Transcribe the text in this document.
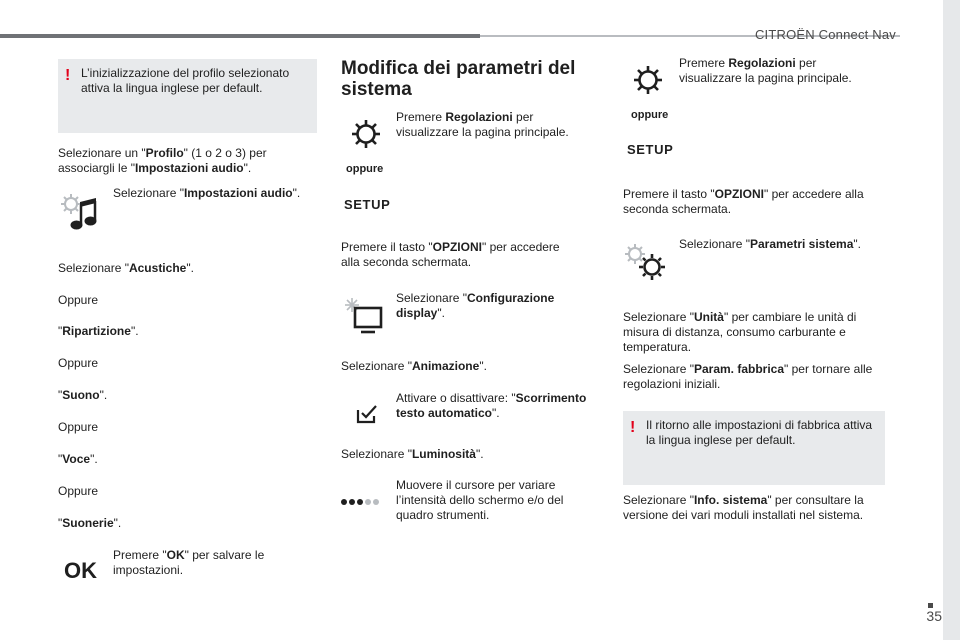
CITROËN Connect Nav
35
! L’inizializzazione del profilo selezionato attiva la lingua inglese per default.
Selezionare un "Profilo" (1 o 2 o 3) per associargli le "Impostazioni audio".
Selezionare "Impostazioni audio".
Selezionare "Acustiche".
Oppure
"Ripartizione".
Oppure
"Suono".
Oppure
"Voce".
Oppure
"Suonerie".
OK
Premere "OK" per salvare le impostazioni.
Modifica dei parametri del sistema
Premere Regolazioni per visualizzare la pagina principale.
oppure
SETUP
Premere il tasto "OPZIONI" per accedere alla seconda schermata.
Selezionare "Configurazione display".
Selezionare "Animazione".
Attivare o disattivare: "Scorrimento testo automatico".
Selezionare "Luminosità".
Muovere il cursore per variare l’intensità dello schermo e/o del quadro strumenti.
Premere Regolazioni per visualizzare la pagina principale.
oppure
SETUP
Premere il tasto "OPZIONI" per accedere alla seconda schermata.
Selezionare "Parametri sistema".
Selezionare "Unità" per cambiare le unità di misura di distanza, consumo carburante e temperatura.
Selezionare "Param. fabbrica" per tornare alle regolazioni iniziali.
! Il ritorno alle impostazioni di fabbrica attiva la lingua inglese per default.
Selezionare "Info. sistema" per consultare la versione dei vari moduli installati nel sistema.
